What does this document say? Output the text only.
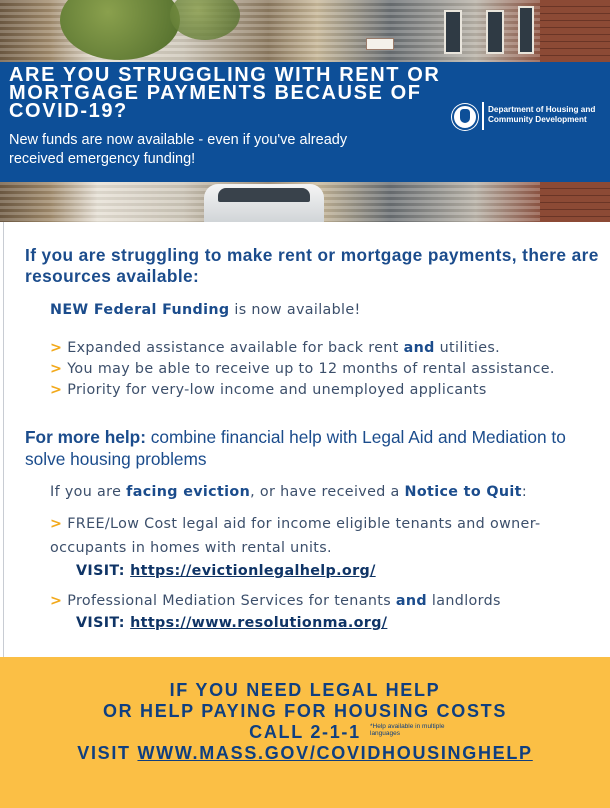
ARE YOU STRUGGLING WITH RENT OR MORTGAGE PAYMENTS BECAUSE OF COVID-19?
New funds are now available - even if you've already received emergency funding!
Department of Housing and Community Development
If you are struggling to make rent or mortgage payments, there are resources available:
NEW Federal Funding is now available!
> Expanded assistance available for back rent and utilities.
> You may be able to receive up to 12 months of rental assistance.
> Priority for very-low income and unemployed applicants
For more help: combine financial help with Legal Aid and Mediation to solve housing problems
If you are facing eviction, or have received a Notice to Quit:
> FREE/Low Cost legal aid for income eligible tenants and owner-
occupants in homes with rental units.
VISIT: https://evictionlegalhelp.org/
> Professional Mediation Services for tenants and landlords
VISIT: https://www.resolutionma.org/
IF YOU NEED LEGAL HELP
OR HELP PAYING FOR HOUSING COSTS
CALL 2-1-1	*Help available in multiple languages
VISIT WWW.MASS.GOV/COVIDHOUSINGHELP
